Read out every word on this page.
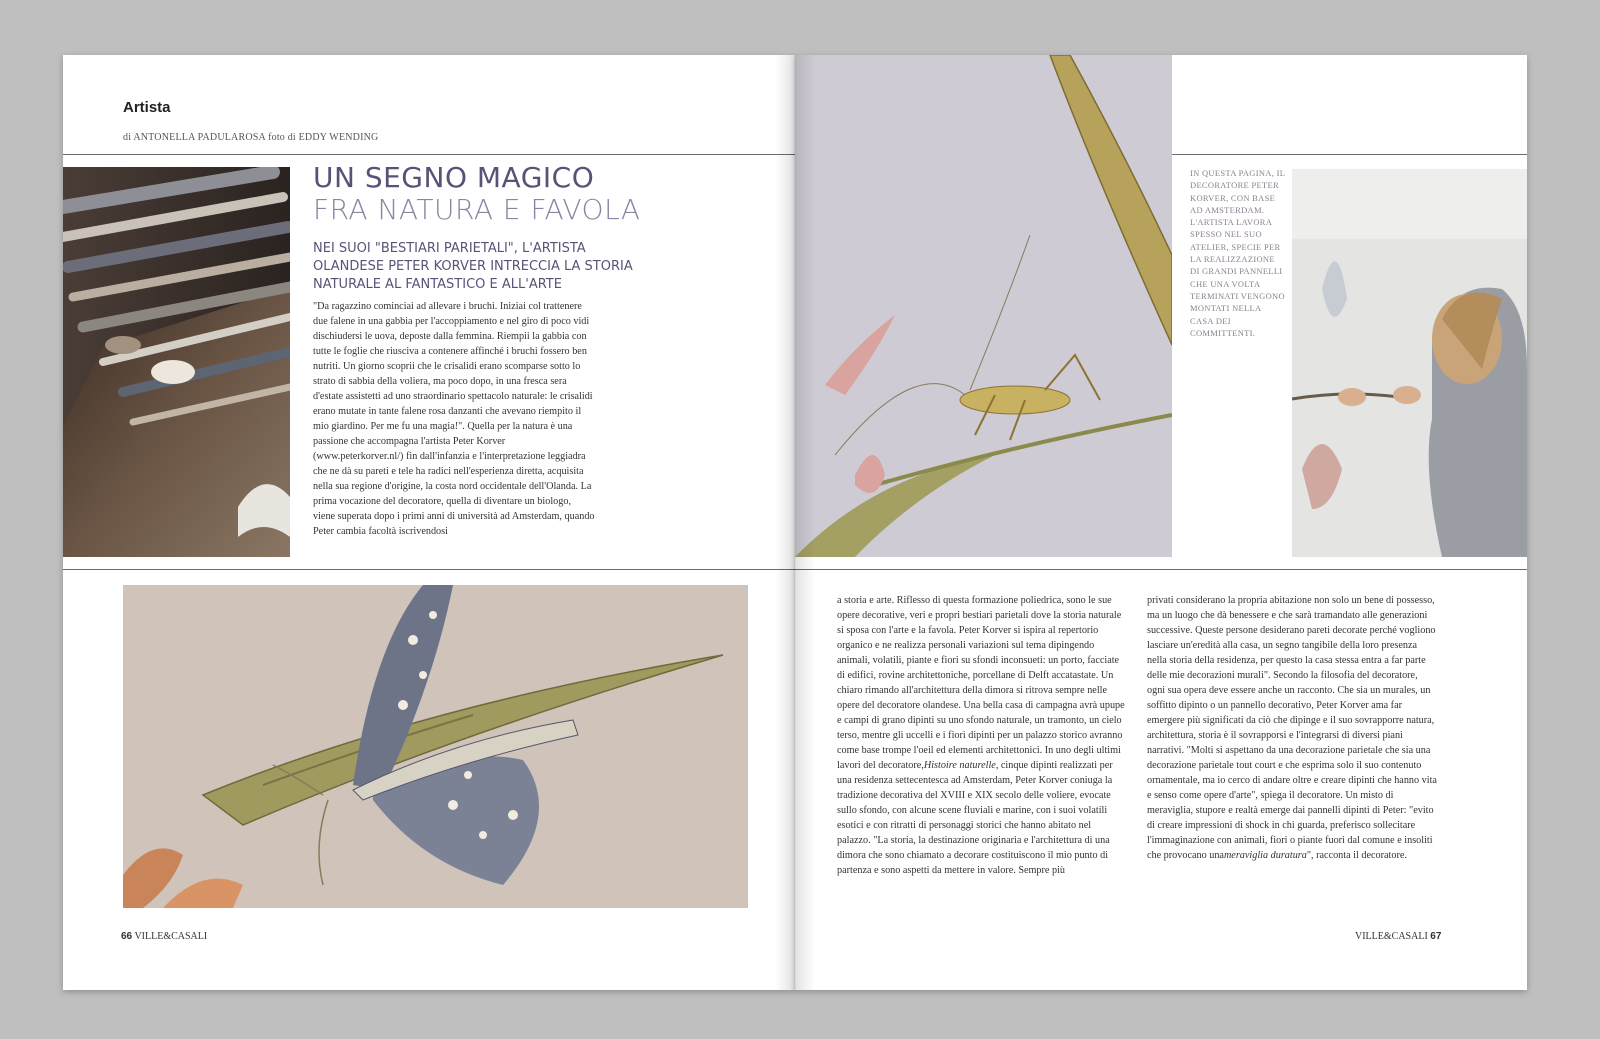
Artista
di ANTONELLA PADULAROSA foto di EDDY WENDING
UN SEGNO MAGICO
FRA NATURA E FAVOLA
NEI SUOI "BESTIARI PARIETALI", L'ARTISTA OLANDESE PETER KORVER INTRECCIA LA STORIA NATURALE AL FANTASTICO E ALL'ARTE
"Da ragazzino cominciai ad allevare i bruchi. Iniziai col trattenere due falene in una gabbia per l'accoppiamento e nel giro di poco vidi dischiudersi le uova, deposte dalla femmina. Riempii la gabbia con tutte le foglie che riusciva a contenere affinché i bruchi fossero ben nutriti. Un giorno scoprii che le crisalidi erano scomparse sotto lo strato di sabbia della voliera, ma poco dopo, in una fresca sera d'estate assistetti ad uno straordinario spettacolo naturale: le crisalidi erano mutate in tante falene rosa danzanti che avevano riempito il mio giardino. Per me fu una magia!". Quella per la natura è una passione che accompagna l'artista Peter Korver (www.peterkorver.nl/) fin dall'infanzia e l'interpretazione leggiadra che ne dà su pareti e tele ha radici nell'esperienza diretta, acquisita nella sua regione d'origine, la costa nord occidentale dell'Olanda. La prima vocazione del decoratore, quella di diventare un biologo, viene superata dopo i primi anni di università ad Amsterdam, quando Peter cambia facoltà iscrivendosi
66 VILLE&CASALI
IN QUESTA PAGINA, IL DECORATORE PETER KORVER, CON BASE AD AMSTERDAM. L'ARTISTA LAVORA SPESSO NEL SUO ATELIER, SPECIE PER LA REALIZZAZIONE DI GRANDI PANNELLI CHE UNA VOLTA TERMINATI VENGONO MONTATI NELLA CASA DEI COMMITTENTI.
a storia e arte. Riflesso di questa formazione poliedrica, sono le sue opere decorative, veri e propri bestiari parietali dove la storia naturale si sposa con l'arte e la favola. Peter Korver si ispira al repertorio organico e ne realizza personali variazioni sul tema dipingendo animali, volatili, piante e fiori su sfondi inconsueti: un porto, facciate di edifici, rovine architettoniche, porcellane di Delft accatastate. Un chiaro rimando all'architettura della dimora si ritrova sempre nelle opere del decoratore olandese. Una bella casa di campagna avrà upupe e campi di grano dipinti su uno sfondo naturale, un tramonto, un cielo terso, mentre gli uccelli e i fiori dipinti per un palazzo storico avranno come base trompe l'oeil ed elementi architettonici. In uno degli ultimi lavori del decoratore,Histoire naturelle, cinque dipinti realizzati per una residenza settecentesca ad Amsterdam, Peter Korver coniuga la tradizione decorativa del XVIII e XIX secolo delle voliere, evocate sullo sfondo, con alcune scene fluviali e marine, con i suoi volatili esotici e con ritratti di personaggi storici che hanno abitato nel palazzo. "La storia, la destinazione originaria e l'architettura di una dimora che sono chiamato a decorare costituiscono il mio punto di partenza e sono aspetti da mettere in valore. Sempre più
privati considerano la propria abitazione non solo un bene di possesso, ma un luogo che dà benessere e che sarà tramandato alle generazioni successive. Queste persone desiderano pareti decorate perché vogliono lasciare un'eredità alla casa, un segno tangibile della loro presenza nella storia della residenza, per questo la casa stessa entra a far parte delle mie decorazioni murali". Secondo la filosofia del decoratore, ogni sua opera deve essere anche un racconto. Che sia un murales, un soffitto dipinto o un pannello decorativo, Peter Korver ama far emergere più significati da ciò che dipinge e il suo sovrapporre natura, architettura, storia è il sovrapporsi e l'integrarsi di diversi piani narrativi. "Molti si aspettano da una decorazione parietale che sia una decorazione parietale tout court e che esprima solo il suo contenuto ornamentale, ma io cerco di andare oltre e creare dipinti che hanno vita e senso come opere d'arte", spiega il decoratore. Un misto di meraviglia, stupore e realtà emerge dai pannelli dipinti di Peter: "evito di creare impressioni di shock in chi guarda, preferisco sollecitare l'immaginazione con animali, fiori o piante fuori dal comune e insoliti che provocano unameraviglia duratura", racconta il decoratore.
VILLE&CASALI 67
